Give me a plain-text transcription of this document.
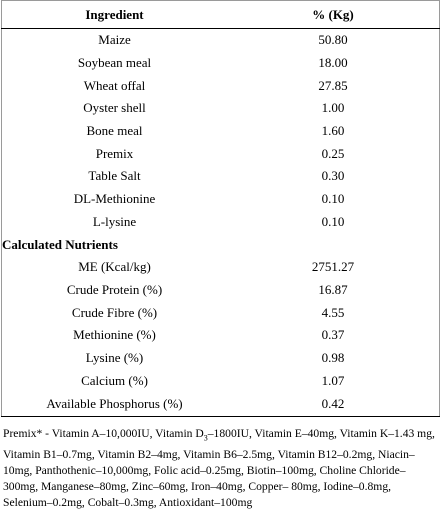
Ingredient	% (Kg)
Maize	50.80
Soybean meal	18.00
Wheat offal	27.85
Oyster shell	1.00
Bone meal	1.60
Premix	0.25
Table Salt	0.30
DL-Methionine	0.10
L-lysine	0.10
Calculated Nutrients	
ME (Kcal/kg)	2751.27
Crude Protein (%)	16.87
Crude Fibre (%)	4.55
Methionine (%)	0.37
Lysine (%)	0.98
Calcium (%)	1.07
Available Phosphorus (%)	0.42

Premix* - Vitamin A–10,000IU, Vitamin $D_3-1800IU$, Vitamin E–40mg, Vitamin K–1.43 mg, Vitamin B1–0.7mg, Vitamin B2–4mg, Vitamin B6–2.5mg, Vitamin B12–0.2mg, Niacin–10mg, Panthothenic–10,000mg, Folic acid–0.25mg, Biotin–100mg, Choline Chloride–300mg, Manganese–80mg, Zinc–60mg, Iron–40mg, Copper– 80mg, Iodine–0.8mg, Selenium–0.2mg, Cobalt–0.3mg, Antioxidant–100mg
